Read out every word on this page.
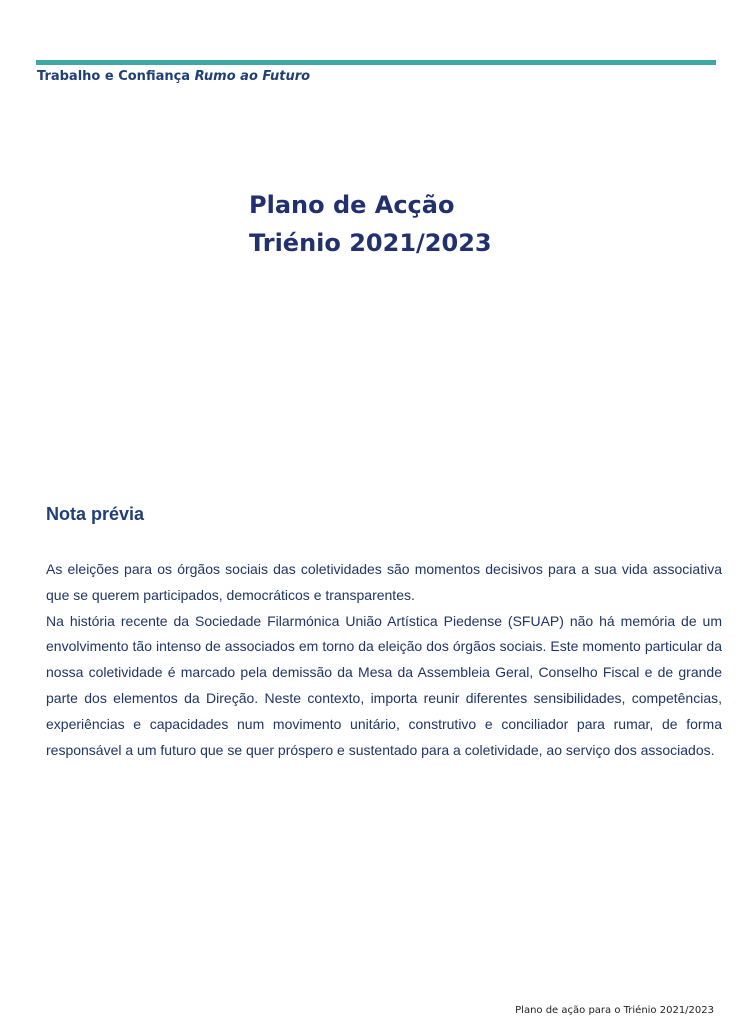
Trabalho e Confiança Rumo ao Futuro
Plano de Acção
Triénio 2021/2023
Nota prévia

As eleições para os órgãos sociais das coletividades são momentos decisivos para a sua vida associativa que se querem participados, democráticos e transparentes.

Na história recente da Sociedade Filarmónica União Artística Piedense (SFUAP) não há memória de um envolvimento tão intenso de associados em torno da eleição dos órgãos sociais. Este momento particular da nossa coletividade é marcado pela demissão da Mesa da Assembleia Geral, Conselho Fiscal e de grande parte dos elementos da Direção. Neste contexto, importa reunir diferentes sensibilidades, competências, experiências e capacidades num movimento unitário, construtivo e conciliador para rumar, de forma responsável a um futuro que se quer próspero e sustentado para a coletividade, ao serviço dos associados.

Plano de ação para o Triénio 2021/2023
